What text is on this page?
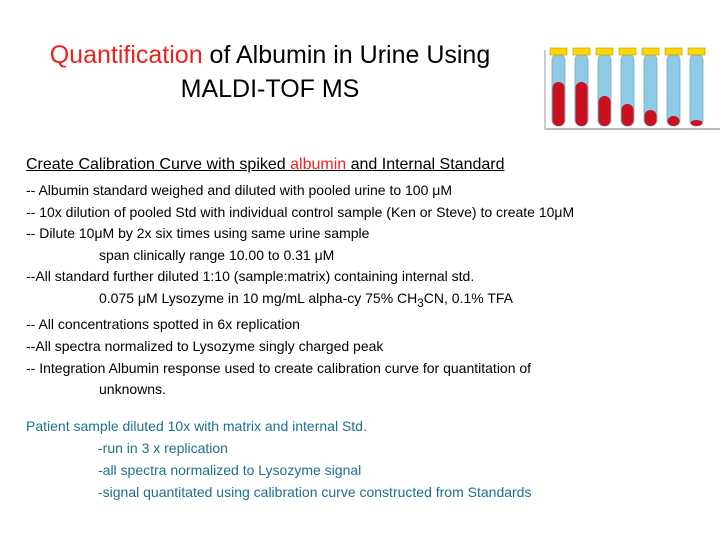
Quantification of Albumin in Urine Using
MALDI-TOF MS
Create Calibration Curve with spiked albumin and Internal Standard
-- Albumin standard weighed and diluted with pooled urine to 100 μM
-- 10x dilution of pooled Std with individual control sample (Ken or Steve) to create 10μM
-- Dilute 10μM by 2x six times using same urine sample
span clinically range 10.00 to 0.31 μM
--All standard further diluted 1:10 (sample:matrix) containing internal std.
0.075 μM Lysozyme in 10 mg/mL alpha-cy 75% $CH_3CN$, 0.1% TFA
-- All concentrations spotted in 6x replication
--All spectra normalized to Lysozyme singly charged peak
-- Integration Albumin response used to create calibration curve for quantitation of
unknowns.
Patient sample diluted 10x with matrix and internal Std.
-run in 3 x replication
-all spectra normalized to Lysozyme signal
-signal quantitated using calibration curve constructed from Standards
